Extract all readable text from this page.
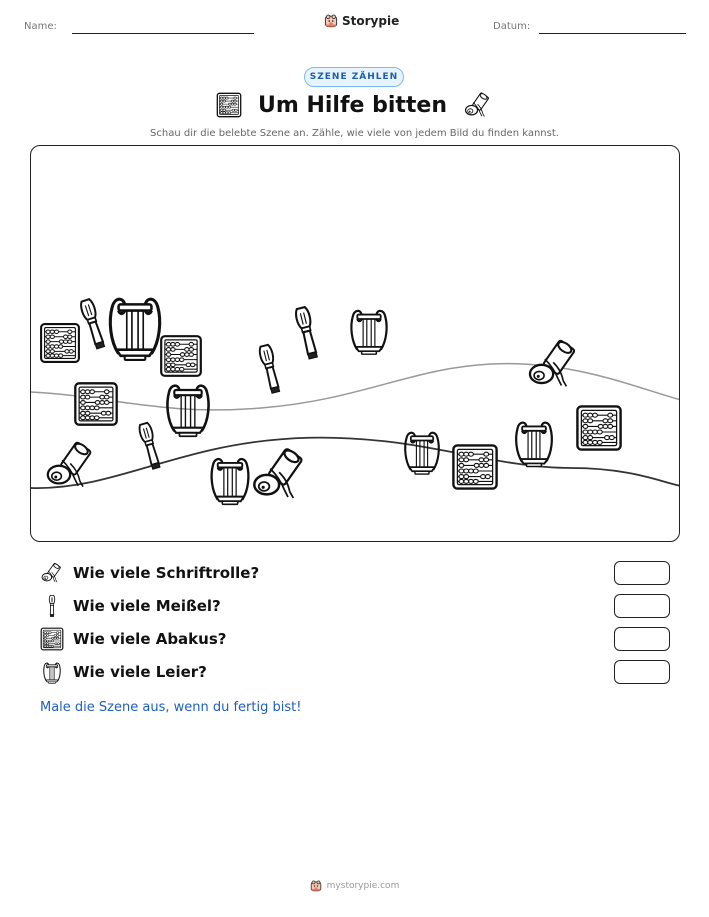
Name:	Storypie	Datum:
SZENE ZÄHLEN
Um Hilfe bitten
Schau dir die belebte Szene an. Zähle, wie viele von jedem Bild du finden kannst.
Wie viele Schriftrolle?
Wie viele Meißel?
Wie viele Abakus?
Wie viele Leier?
Male die Szene aus, wenn du fertig bist!
mystorypie.com
